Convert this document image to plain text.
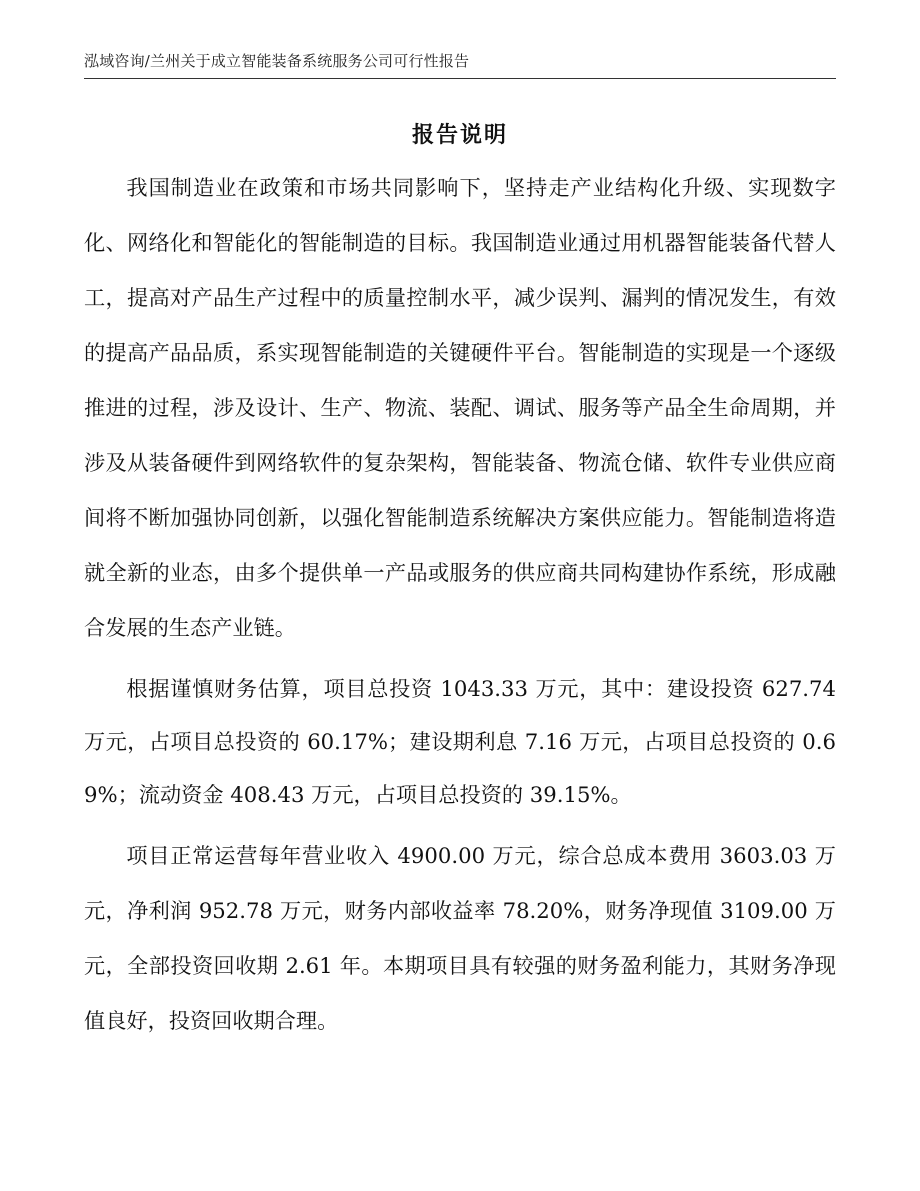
泓域咨询/兰州关于成立智能装备系统服务公司可行性报告
报告说明

我国制造业在政策和市场共同影响下，坚持走产业结构化升级、实现数字化、网络化和智能化的智能制造的目标。我国制造业通过用机器智能装备代替人工，提高对产品生产过程中的质量控制水平，减少误判、漏判的情况发生，有效的提高产品品质，系实现智能制造的关键硬件平台。智能制造的实现是一个逐级推进的过程，涉及设计、生产、物流、装配、调试、服务等产品全生命周期，并涉及从装备硬件到网络软件的复杂架构，智能装备、物流仓储、软件专业供应商间将不断加强协同创新，以强化智能制造系统解决方案供应能力。智能制造将造就全新的业态，由多个提供单一产品或服务的供应商共同构建协作系统，形成融合发展的生态产业链。

根据谨慎财务估算，项目总投资 1043.33 万元，其中：建设投资 627.74 万元，占项目总投资的 60.17%；建设期利息 7.16 万元，占项目总投资的 0.69%；流动资金 408.43 万元，占项目总投资的 39.15%。

项目正常运营每年营业收入 4900.00 万元，综合总成本费用 3603.03 万元，净利润 952.78 万元，财务内部收益率 78.20%，财务净现值 3109.00 万元，全部投资回收期 2.61 年。本期项目具有较强的财务盈利能力，其财务净现值良好，投资回收期合理。
